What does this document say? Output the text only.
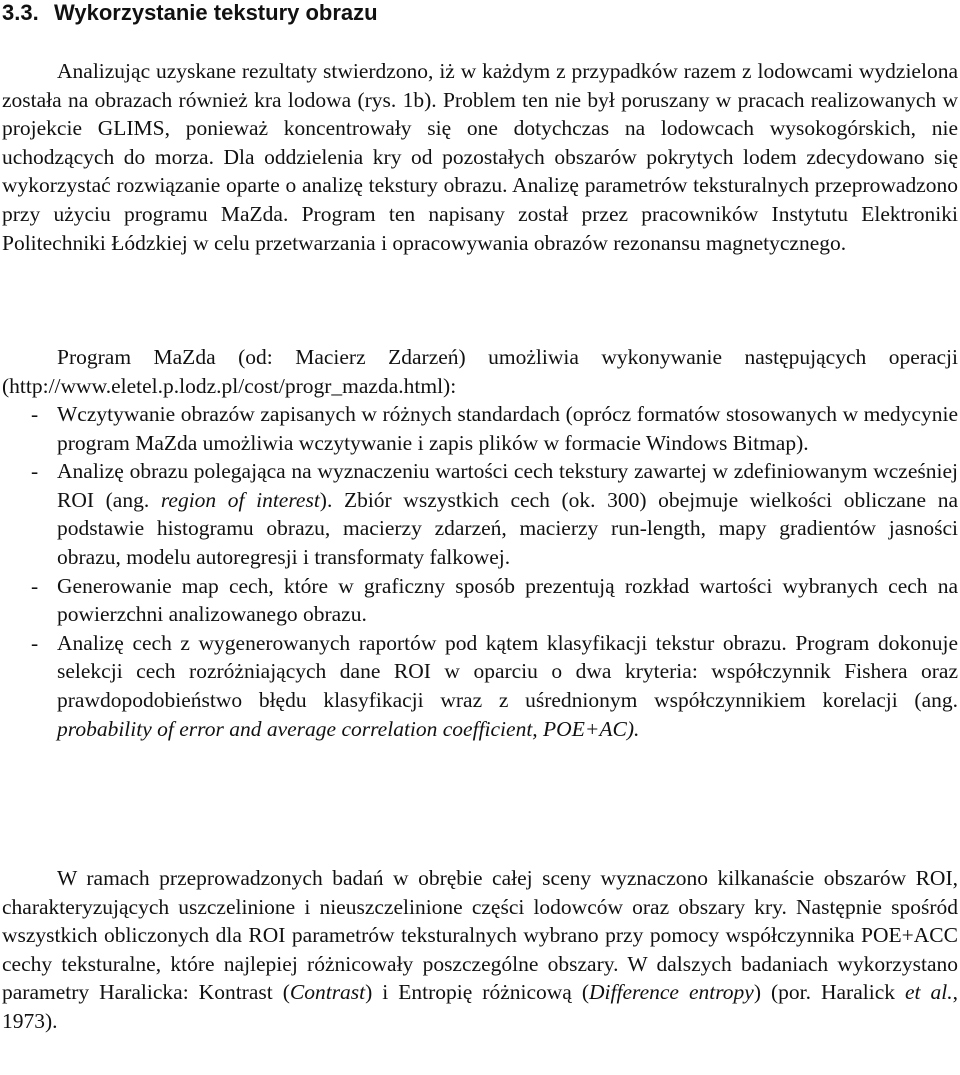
3.3. Wykorzystanie tekstury obrazu

Analizując uzyskane rezultaty stwierdzono, iż w każdym z przypadków razem z lodowcami wydzielona została na obrazach również kra lodowa (rys. 1b). Problem ten nie był poruszany w pracach realizowanych w projekcie GLIMS, ponieważ koncentrowały się one dotychczas na lodowcach wysokogórskich, nie uchodzących do morza. Dla oddzielenia kry od pozostałych obszarów pokrytych lodem zdecydowano się wykorzystać rozwiązanie oparte o analizę tekstury obrazu. Analizę parametrów teksturalnych przeprowadzono przy użyciu programu MaZda. Program ten napisany został przez pracowników Instytutu Elektroniki Politechniki Łódzkiej w celu przetwarzania i opracowywania obrazów rezonansu magnetycznego.

Program MaZda (od: Macierz Zdarzeń) umożliwia wykonywanie następujących operacji (http://www.eletel.p.lodz.pl/cost/progr_mazda.html):

- Wczytywanie obrazów zapisanych w różnych standardach (oprócz formatów stosowanych w medycynie program MaZda umożliwia wczytywanie i zapis plików w formacie Windows Bitmap).
- Analizę obrazu polegająca na wyznaczeniu wartości cech tekstury zawartej w zdefiniowanym wcześniej ROI (ang. region of interest). Zbiór wszystkich cech (ok. 300) obejmuje wielkości obliczane na podstawie histogramu obrazu, macierzy zdarzeń, macierzy run-length, mapy gradientów jasności obrazu, modelu autoregresji i transformaty falkowej.
- Generowanie map cech, które w graficzny sposób prezentują rozkład wartości wybranych cech na powierzchni analizowanego obrazu.
- Analizę cech z wygenerowanych raportów pod kątem klasyfikacji tekstur obrazu. Program dokonuje selekcji cech rozróżniających dane ROI w oparciu o dwa kryteria: współczynnik Fishera oraz prawdopodobieństwo błędu klasyfikacji wraz z uśrednionym współczynnikiem korelacji (ang. probability of error and average correlation coefficient, POE+AC).

W ramach przeprowadzonych badań w obrębie całej sceny wyznaczono kilkanaście obszarów ROI, charakteryzujących uszczelinione i nieuszczelinione części lodowców oraz obszary kry. Następnie spośród wszystkich obliczonych dla ROI parametrów teksturalnych wybrano przy pomocy współczynnika POE+ACC cechy teksturalne, które najlepiej różnicowały poszczególne obszary. W dalszych badaniach wykorzystano parametry Haralicka: Kontrast (Contrast) i Entropię różnicową (Difference entropy) (por. Haralick et al., 1973).
